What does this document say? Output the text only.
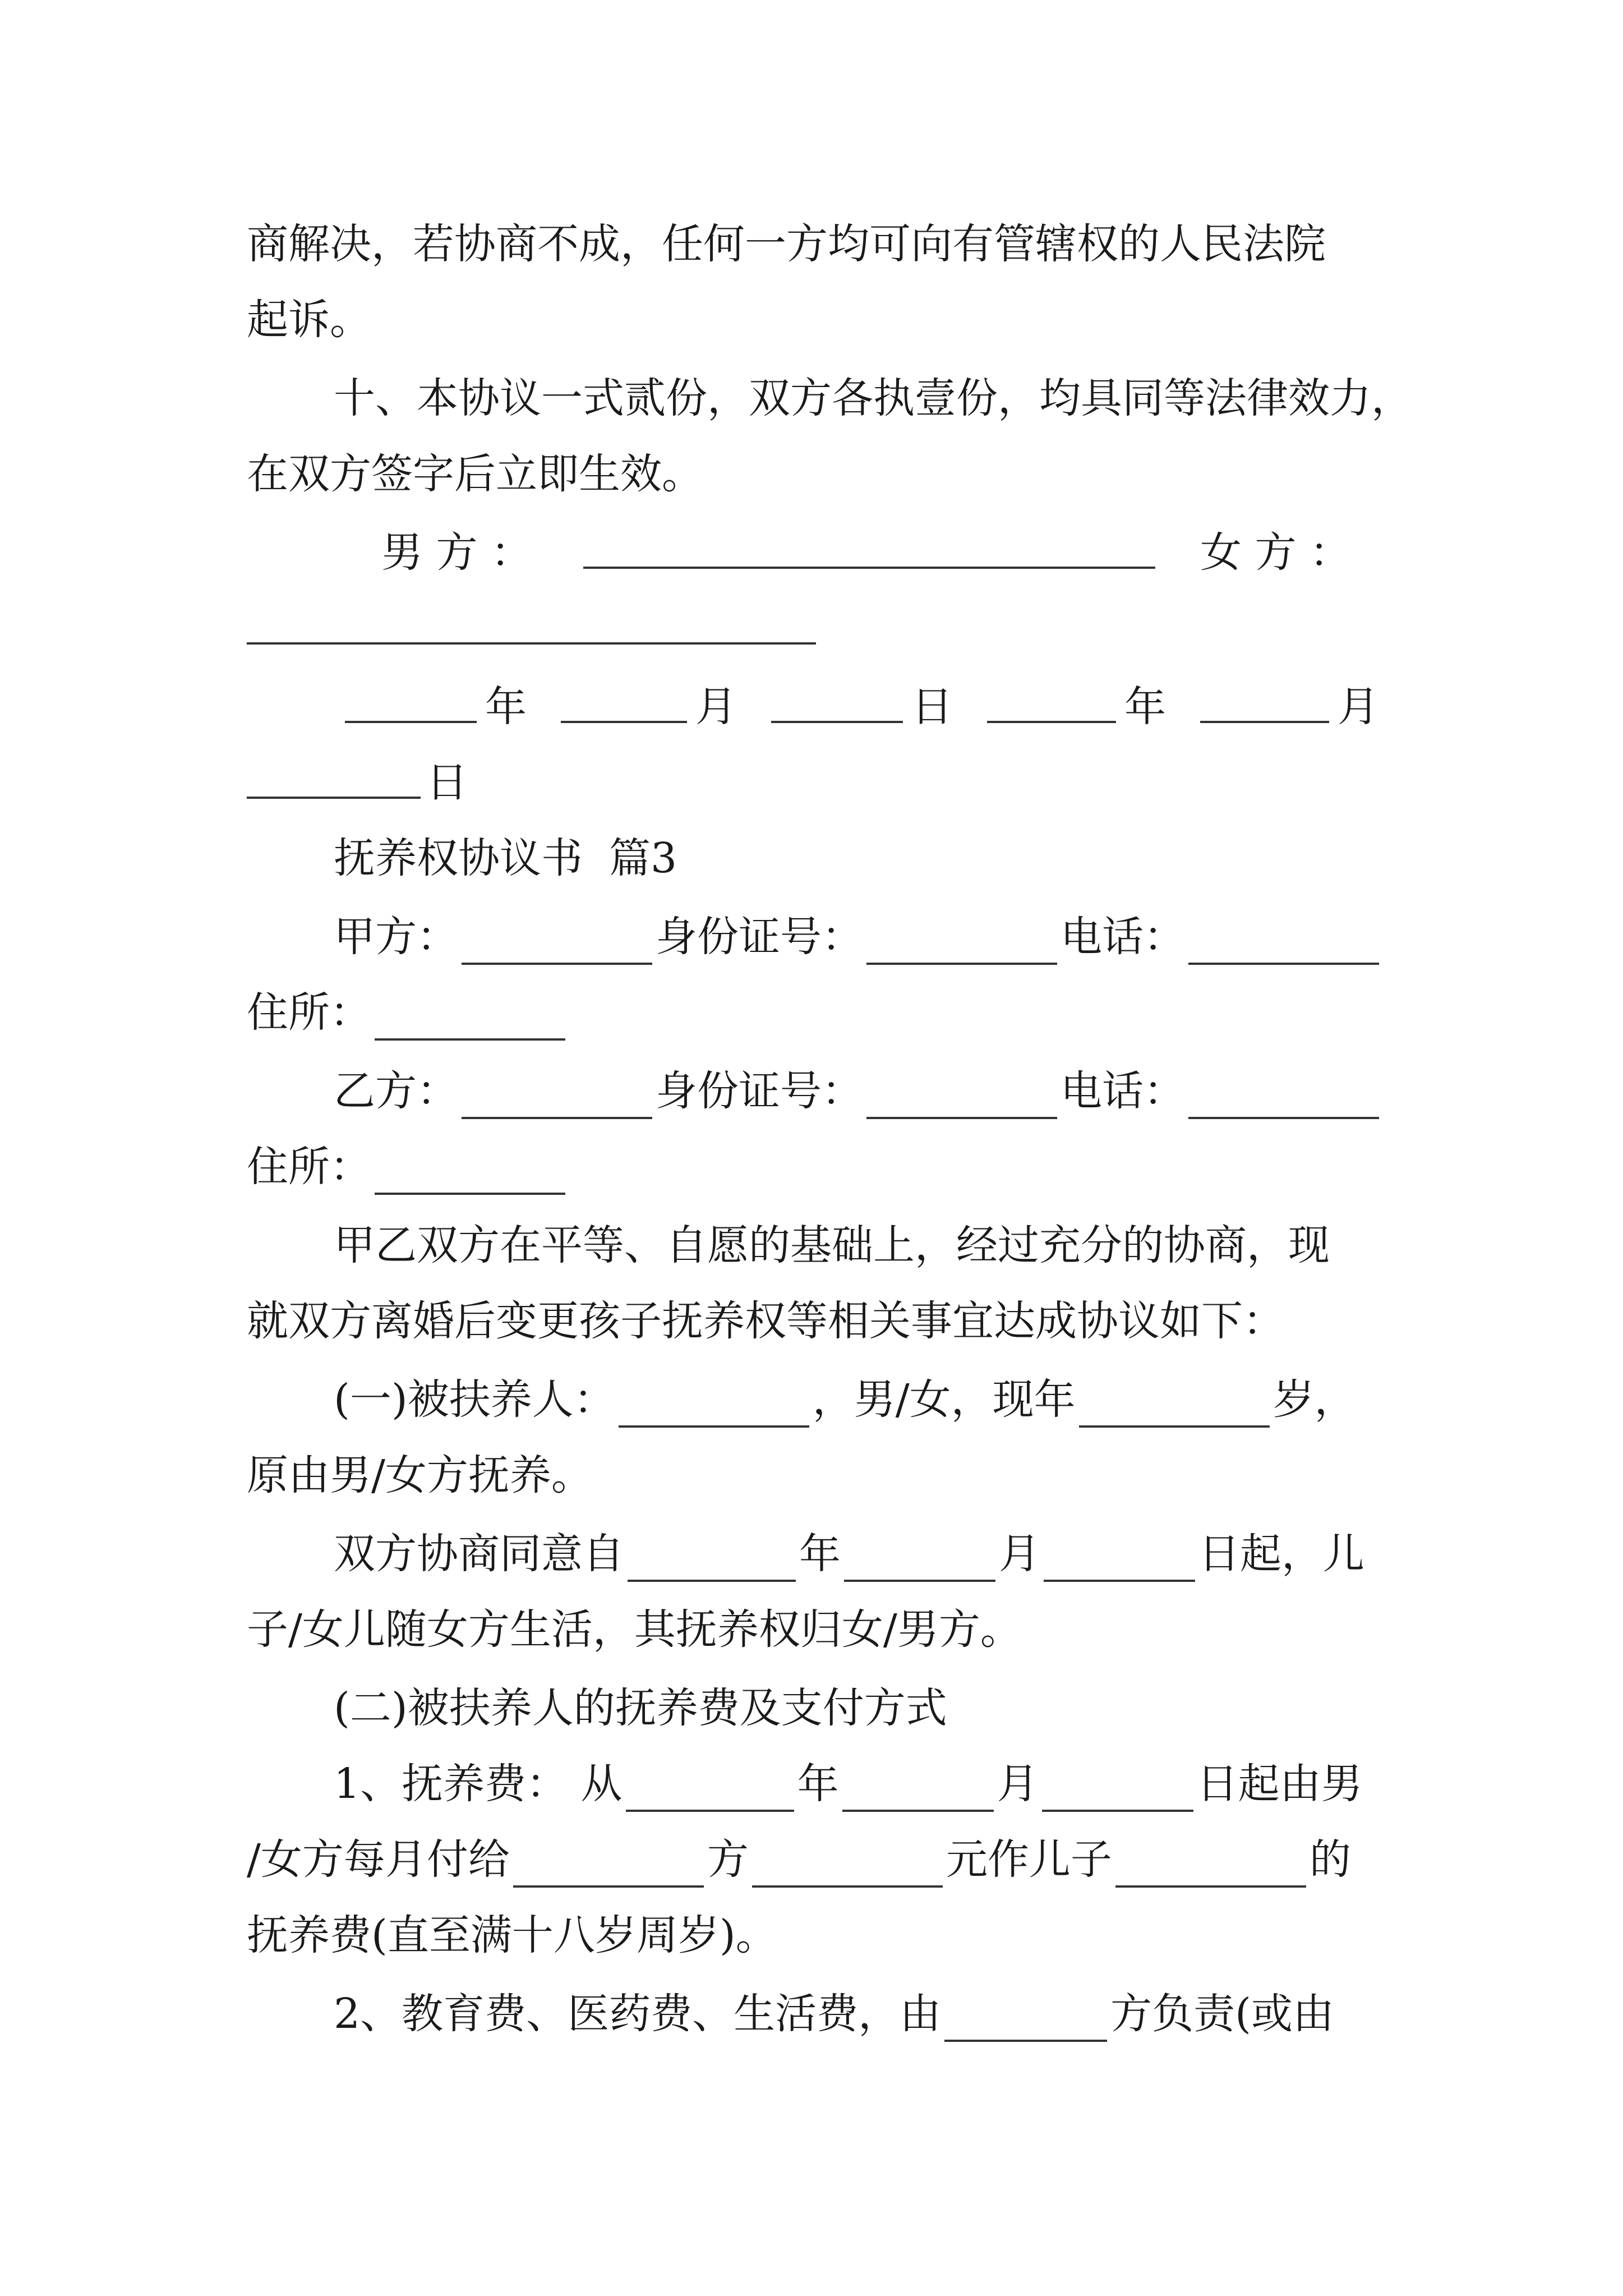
商解决，若协商不成，任何一方均可向有管辖权的人民法院
起诉。
十、本协议一式贰份，双方各执壹份，均具同等法律效力，
在双方签字后立即生效。
男 方 ：	女 方 ：
年	月	日	年	月
日
抚养权协议书  篇3
甲方：	身份证号：	电话：
住所：
乙方：	身份证号：	电话：
住所：
甲乙双方在平等、自愿的基础上，经过充分的协商，现
就双方离婚后变更孩子抚养权等相关事宜达成协议如下：
(一)被扶养人：	，男/女，现年	岁，
原由男/女方抚养。
双方协商同意自	年	月	日起，儿
子/女儿随女方生活，其抚养权归女/男方。
(二)被扶养人的抚养费及支付方式
1、抚养费： 从	年	月	日起由男
/女方每月付给	方	元作儿子	的
抚养费(直至满十八岁周岁)。
2、教育费、医药费、生活费，由	方负责(或由
